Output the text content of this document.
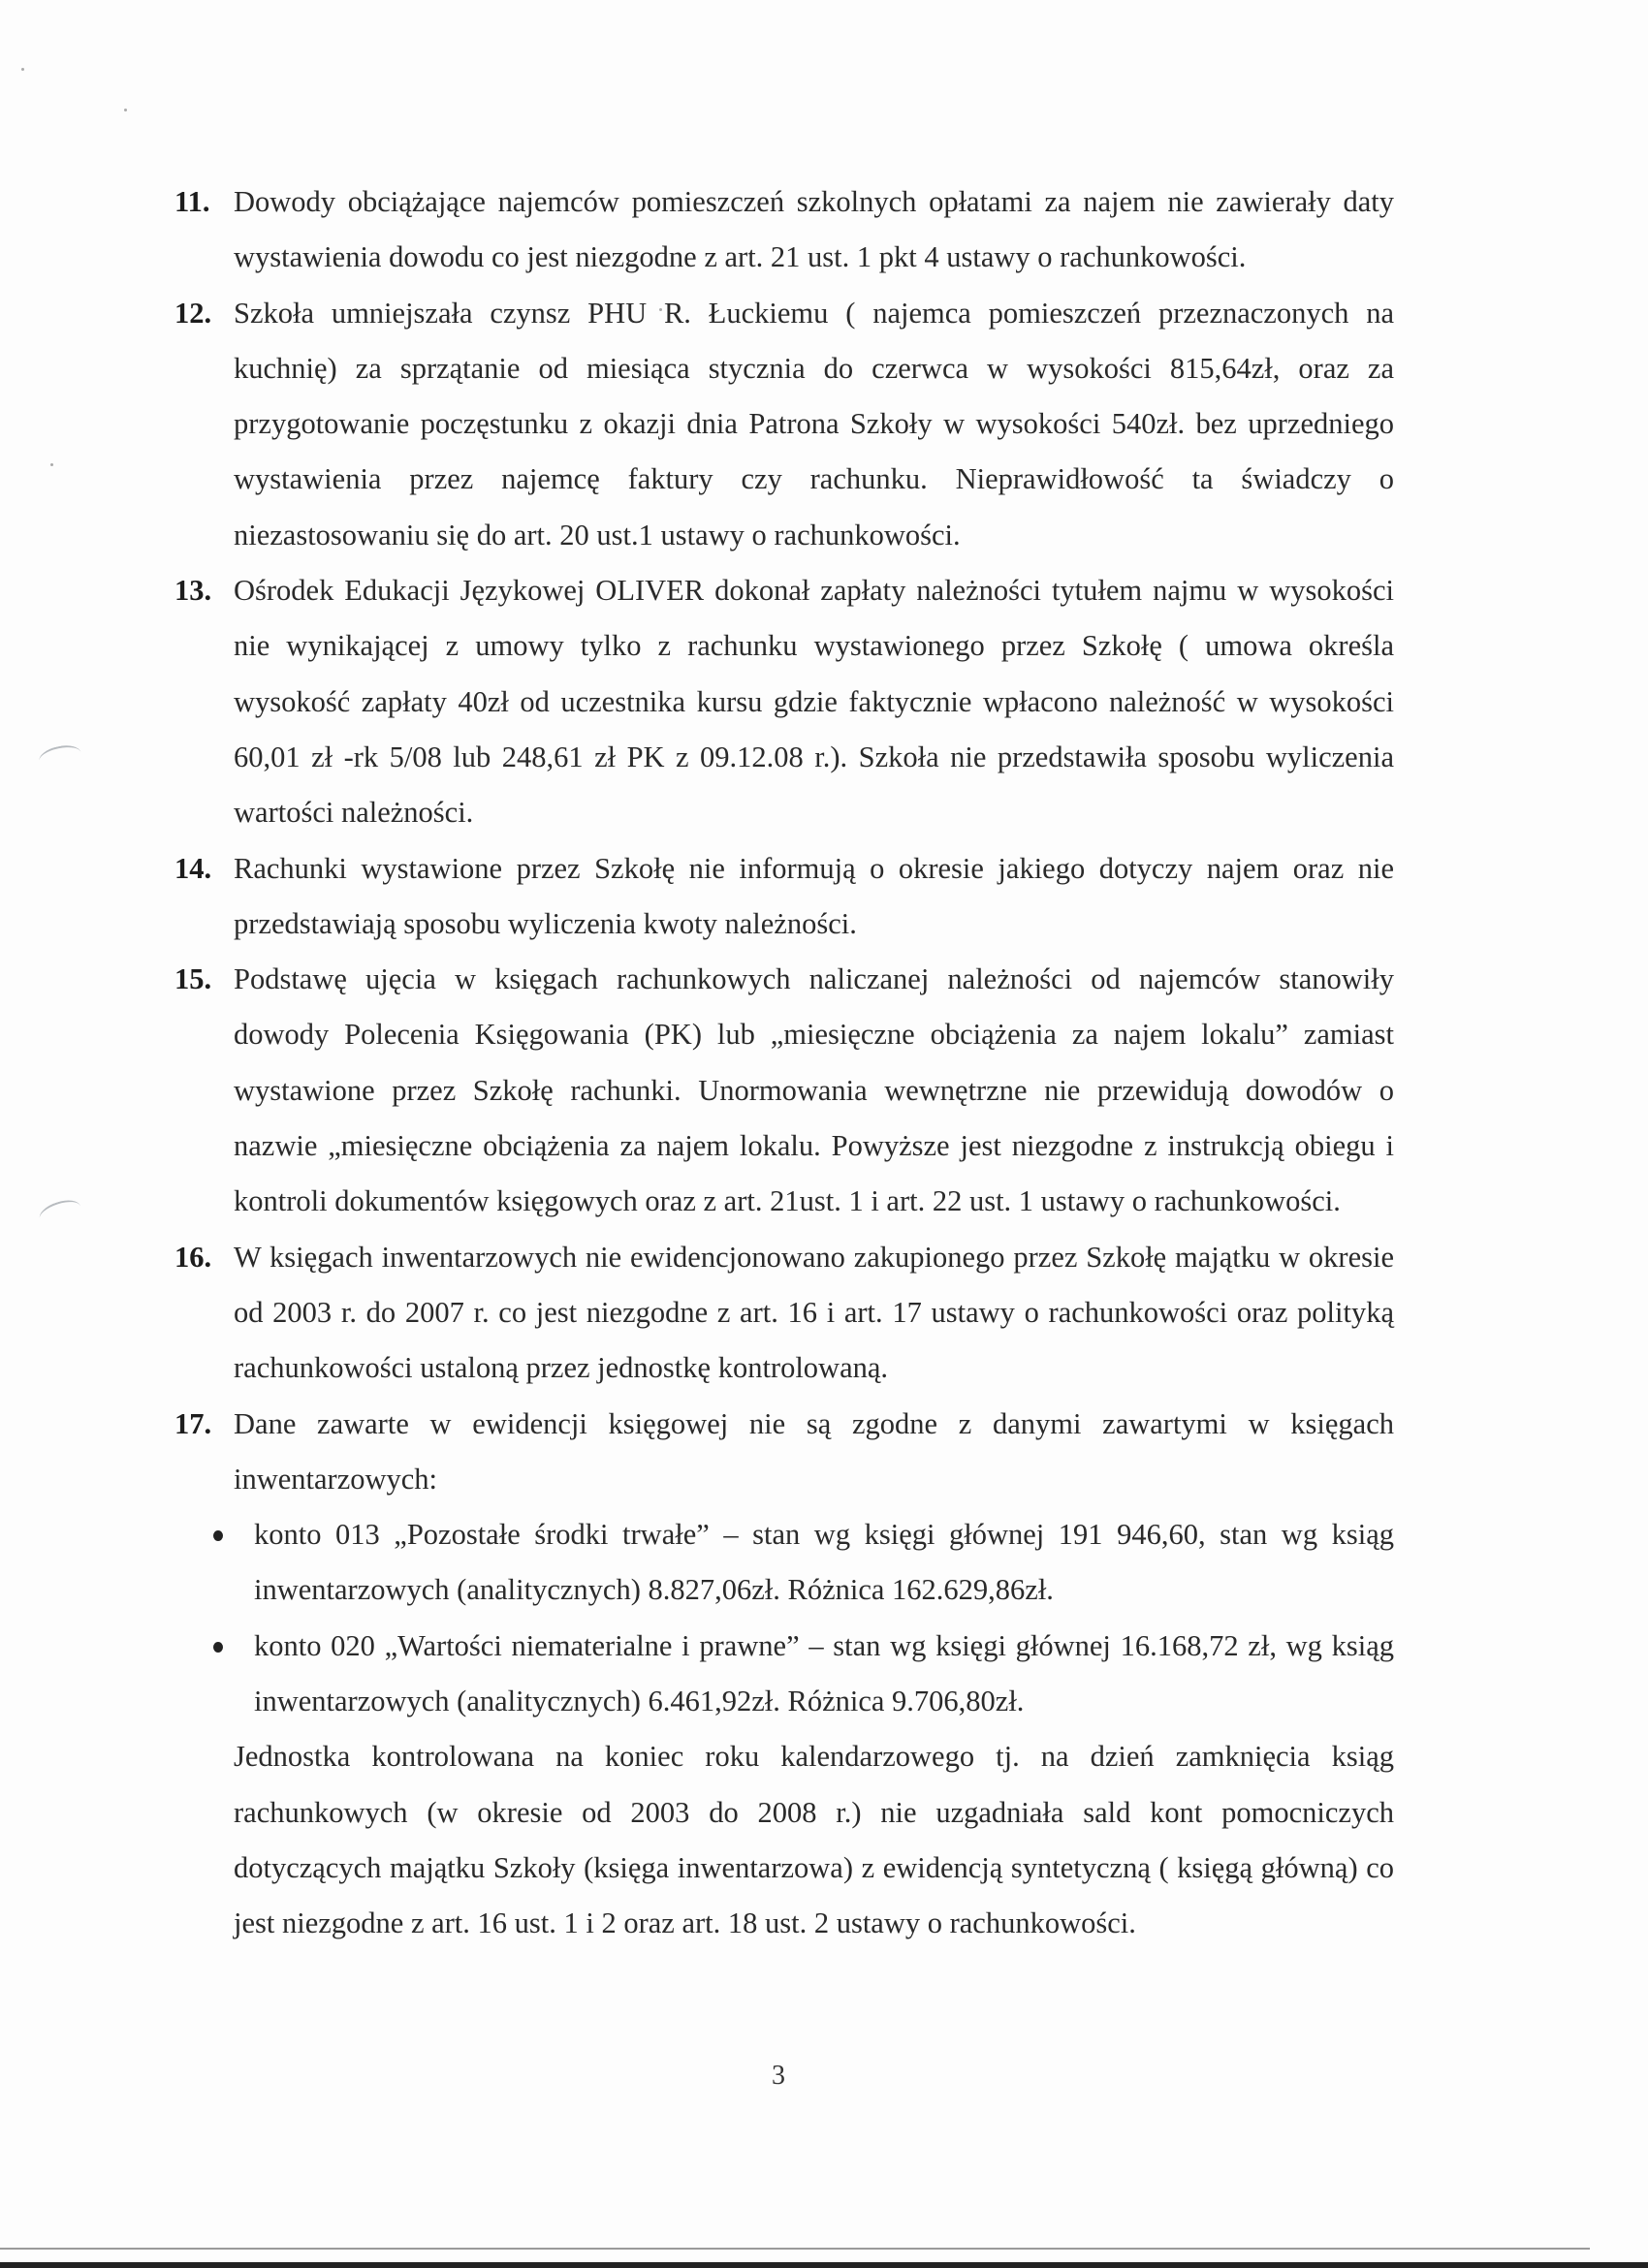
11. Dowody obciążające najemców pomieszczeń szkolnych opłatami za najem nie zawierały daty wystawienia dowodu co jest niezgodne z art. 21 ust. 1 pkt 4 ustawy o rachunkowości.
12. Szkoła umniejszała czynsz PHU R. Łuckiemu ( najemca pomieszczeń przeznaczonych na kuchnię) za sprzątanie od miesiąca stycznia do czerwca w wysokości 815,64zł, oraz za przygotowanie poczęstunku z okazji dnia Patrona Szkoły w wysokości 540zł. bez uprzedniego wystawienia przez najemcę faktury czy rachunku. Nieprawidłowość ta świadczy o niezastosowaniu się do art. 20 ust.1 ustawy o rachunkowości.
13. Ośrodek Edukacji Językowej OLIVER dokonał zapłaty należności tytułem najmu w wysokości nie wynikającej z umowy tylko z rachunku wystawionego przez Szkołę ( umowa określa wysokość zapłaty 40zł od uczestnika kursu gdzie faktycznie wpłacono należność w wysokości 60,01 zł -rk 5/08 lub 248,61 zł PK z 09.12.08 r.). Szkoła nie przedstawiła sposobu wyliczenia wartości należności.
14. Rachunki wystawione przez Szkołę nie informują o okresie jakiego dotyczy najem oraz nie przedstawiają sposobu wyliczenia kwoty należności.
15. Podstawę ujęcia w księgach rachunkowych naliczanej należności od najemców stanowiły dowody Polecenia Księgowania (PK) lub „miesięczne obciążenia za najem lokalu” zamiast wystawione przez Szkołę rachunki. Unormowania wewnętrzne nie przewidują dowodów o nazwie „miesięczne obciążenia za najem lokalu. Powyższe jest niezgodne z instrukcją obiegu i kontroli dokumentów księgowych oraz z art. 21ust. 1 i art. 22 ust. 1 ustawy o rachunkowości.
16. W księgach inwentarzowych nie ewidencjonowano zakupionego przez Szkołę majątku w okresie od 2003 r. do 2007 r. co jest niezgodne z art. 16 i art. 17 ustawy o rachunkowości oraz polityką rachunkowości ustaloną przez jednostkę kontrolowaną.
17. Dane zawarte w ewidencji księgowej nie są zgodne z danymi zawartymi w księgach inwentarzowych:
konto 013 „Pozostałe środki trwałe” – stan wg księgi głównej 191 946,60, stan wg ksiąg inwentarzowych (analitycznych) 8.827,06zł. Różnica 162.629,86zł.
konto 020 „Wartości niematerialne i prawne” – stan wg księgi głównej 16.168,72 zł, wg ksiąg inwentarzowych (analitycznych) 6.461,92zł. Różnica 9.706,80zł.
Jednostka kontrolowana na koniec roku kalendarzowego tj. na dzień zamknięcia ksiąg rachunkowych (w okresie od 2003 do 2008 r.) nie uzgadniała sald kont pomocniczych dotyczących majątku Szkoły (księga inwentarzowa) z ewidencją syntetyczną ( księgą główną) co jest niezgodne z art. 16 ust. 1 i 2 oraz art. 18 ust. 2 ustawy o rachunkowości.
3
